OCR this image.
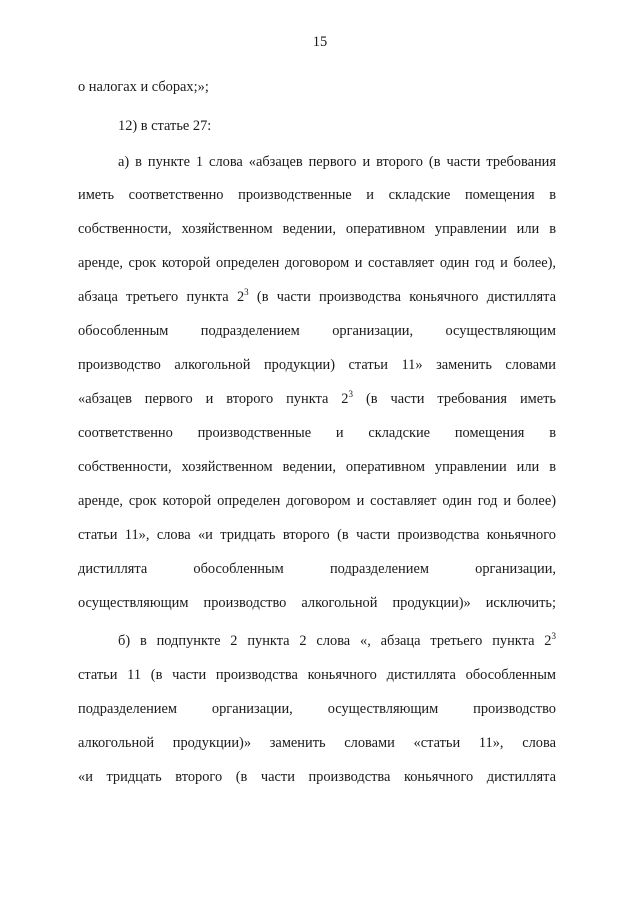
15
о налогах и сборах;»;
12) в статье 27:
а) в пункте 1 слова «абзацев первого и второго (в части требования
иметь соответственно производственные и складские помещения в
собственности, хозяйственном ведении, оперативном управлении или в
аренде, срок которой определен договором и составляет один год и более),
абзаца третьего пункта $2^3$ (в части производства коньячного дистиллята
обособленным подразделением организации, осуществляющим
производство алкогольной продукции) статьи 11» заменить словами
«абзацев первого и второго пункта $2^3$ (в части требования иметь
соответственно производственные и складские помещения в
собственности, хозяйственном ведении, оперативном управлении или в
аренде, срок которой определен договором и составляет один год и более)
статьи 11», слова «и тридцать второго (в части производства коньячного
дистиллята обособленным подразделением организации,
осуществляющим производство алкогольной продукции)» исключить;
б) в подпункте 2 пункта 2 слова «, абзаца третьего пункта $2^3$
статьи 11 (в части производства коньячного дистиллята обособленным
подразделением организации, осуществляющим производство
алкогольной продукции)» заменить словами «статьи 11», слова
«и тридцать второго (в части производства коньячного дистиллята
